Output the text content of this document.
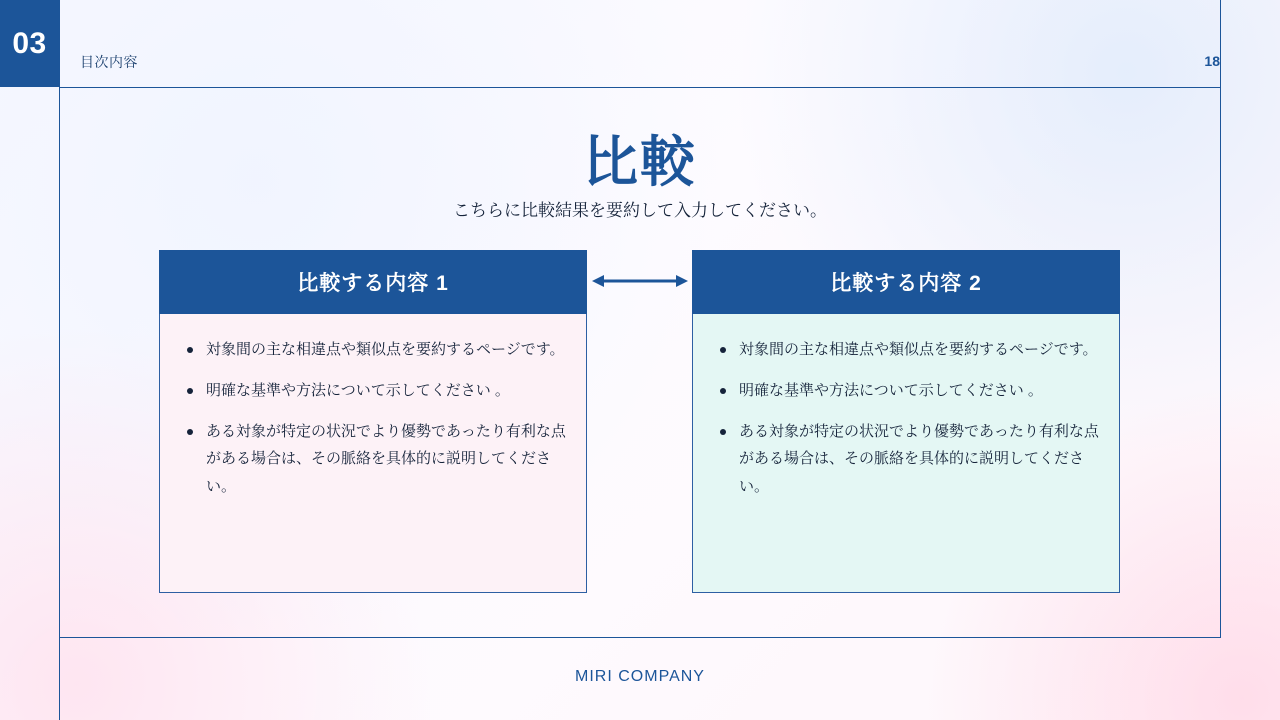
03
目次内容	18
比較
こちらに比較結果を要約して入力してください。
比較する内容 1
対象間の主な相違点や類似点を要約するページです。
明確な基準や方法について示してください 。
ある対象が特定の状況でより優勢であったり有利な点がある場合は、その脈絡を具体的に説明してください。
比較する内容 2
対象間の主な相違点や類似点を要約するページです。
明確な基準や方法について示してください 。
ある対象が特定の状況でより優勢であったり有利な点がある場合は、その脈絡を具体的に説明してください。
MIRI COMPANY
